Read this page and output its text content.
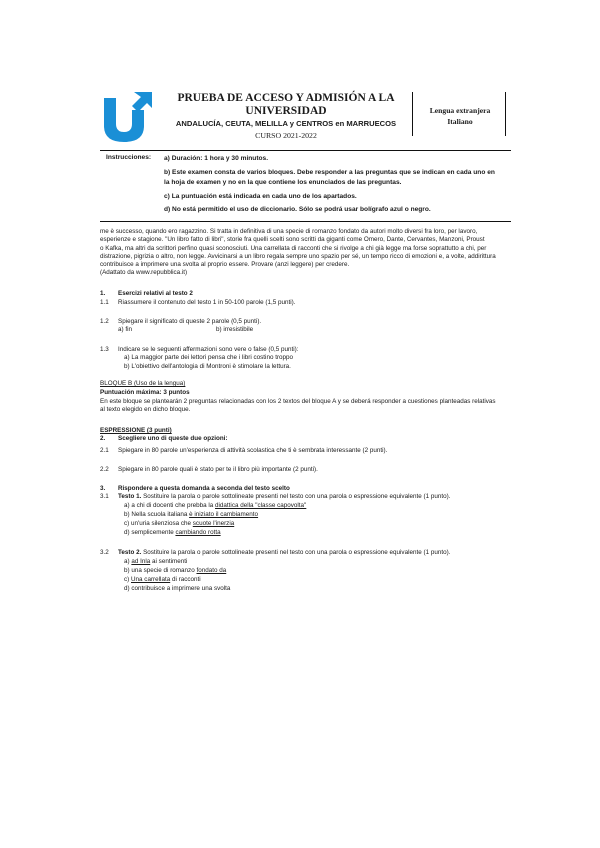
PRUEBA DE ACCESO Y ADMISIÓN A LA UNIVERSIDAD
ANDALUCÍA, CEUTA, MELILLA y CENTROS en MARRUECOS
CURSO 2021-2022
Lengua extranjera
Italiano
Instrucciones: a) Duración: 1 hora y 30 minutos.
b) Este examen consta de varios bloques. Debe responder a las preguntas que se indican en cada uno en
la hoja de examen y no en la que contiene los enunciados de las preguntas.
c) La puntuación está indicada en cada uno de los apartados.
d) No está permitido el uso de diccionario. Sólo se podrá usar bolígrafo azul o negro.
me è successo, quando ero ragazzino. Si tratta in definitiva di una specie di romanzo fondato da autori molto diversi fra loro, per lavoro,
esperienze e stagione. "Un libro fatto di libri", storie fra quelli scelti sono scritti da giganti come Omero, Dante, Cervantes, Manzoni, Proust
o Kafka, ma altri da scrittori perfino quasi sconosciuti. Una carrellata di racconti che si rivolge a chi già legge ma forse soprattutto a chi, per
distrazione, pigrizia o altro, non legge. Avvicinarsi a un libro regala sempre uno spazio per sé, un tempo ricco di emozioni e, a volte, addirittura
contribuisce a imprimere una svolta al proprio essere. Provare (anzi leggere) per credere.
(Adattato da www.repubblica.it)
1.	Esercizi relativi al testo 2
1.1	Riassumere il contenuto del testo 1 in 50-100 parole (1,5 punti).
1.2	Spiegare il significato di queste 2 parole (0,5 punti).
a) fin	b) irresistibile
1.3	Indicare se le seguenti affermazioni sono vere o false (0,5 punti):
a) La maggior parte dei lettori pensa che i libri costino troppo
b) L'obiettivo dell'antologia di Montroni è stimolare la lettura.
BLOQUE B (Uso de la lengua)
Puntuación máxima: 3 puntos
En este bloque se plantearán 2 preguntas relacionadas con los 2 textos del bloque A y se deberá responder a cuestiones planteadas relativas
al texto elegido en dicho bloque.
ESPRESSIONE (3 punti)
2.	Scegliere uno di queste due opzioni:
2.1	Spiegare in 80 parole un'esperienza di attività scolastica che ti è sembrata interessante (2 punti).
2.2	Spiegare in 80 parole quali è stato per te il libro più importante (2 punti).
3.	Rispondere a questa domanda a seconda del testo scelto
3.1	Testo 1. Sostituire la parola o parole sottolineate presenti nel testo con una parola o espressione equivalente (1 punto).
a) a chi di docenti che prebba la didattica della "classe capovolta"
b) Nella scuola italiana è iniziato il cambiamento
c) un'uria silenziosa che scuote l'inerzia
d) semplicemente cambiando rotta
3.2	Testo 2. Sostituire la parola o parole sottolineate presenti nel testo con una parola o espressione equivalente (1 punto).
a) ad Inla ai sentimenti
b) una specie di romanzo fondato da
c) Una carrellata di racconti
d) contribuisce a imprimere una svolta
